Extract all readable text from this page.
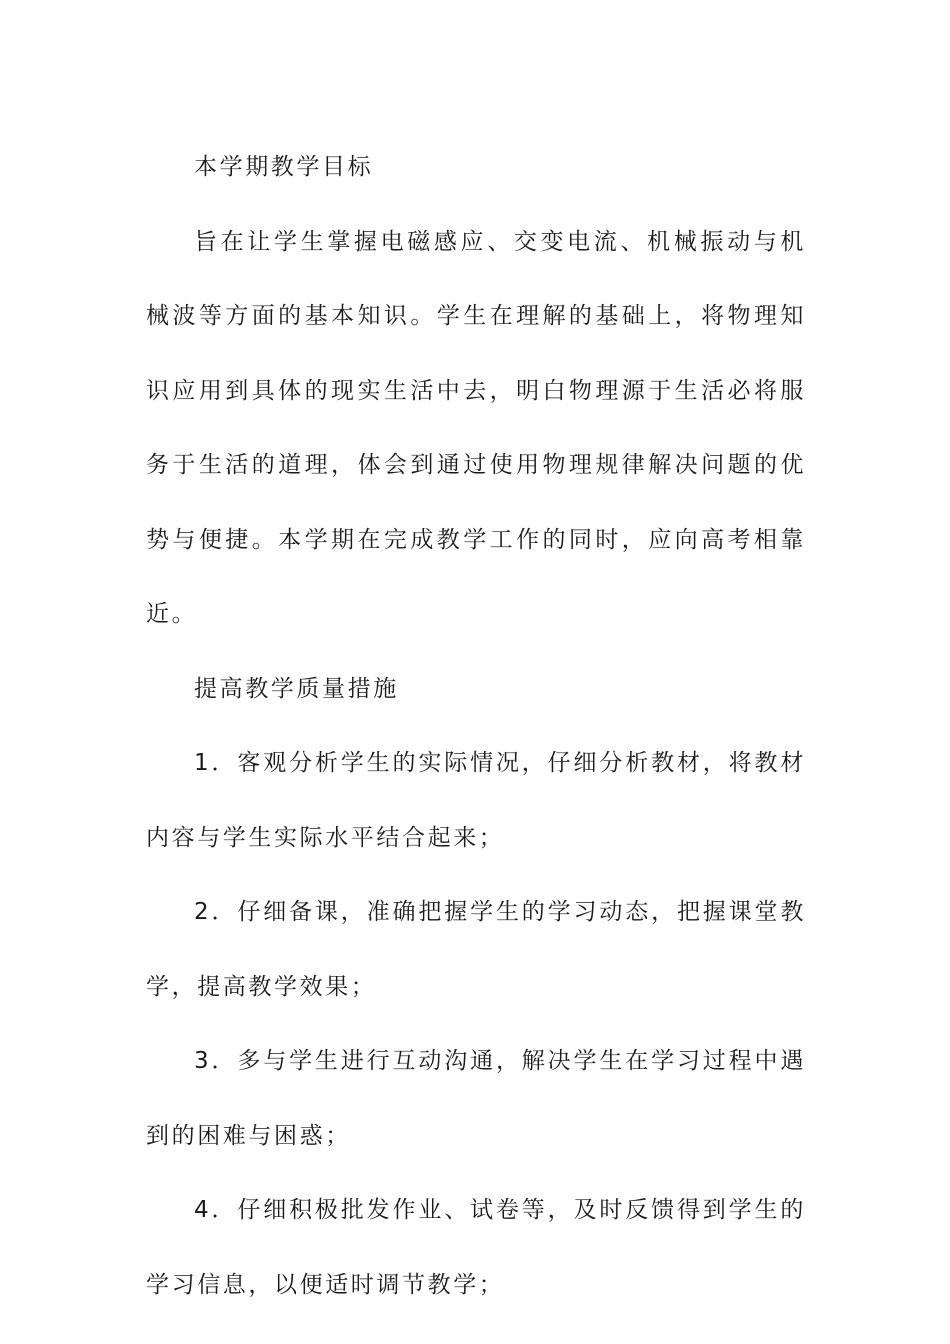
本学期教学目标

旨在让学生掌握电磁感应、交变电流、机械振动与机械波等方面的基本知识。学生在理解的基础上，将物理知识应用到具体的现实生活中去，明白物理源于生活必将服务于生活的道理，体会到通过使用物理规律解决问题的优势与便捷。本学期在完成教学工作的同时，应向高考相靠近。

提高教学质量措施

1．客观分析学生的实际情况，仔细分析教材，将教材内容与学生实际水平结合起来；

2．仔细备课，准确把握学生的学习动态，把握课堂教学，提高教学效果；

3．多与学生进行互动沟通，解决学生在学习过程中遇到的困难与困惑；

4．仔细积极批发作业、试卷等，及时反馈得到学生的学习信息，以便适时调节教学；
